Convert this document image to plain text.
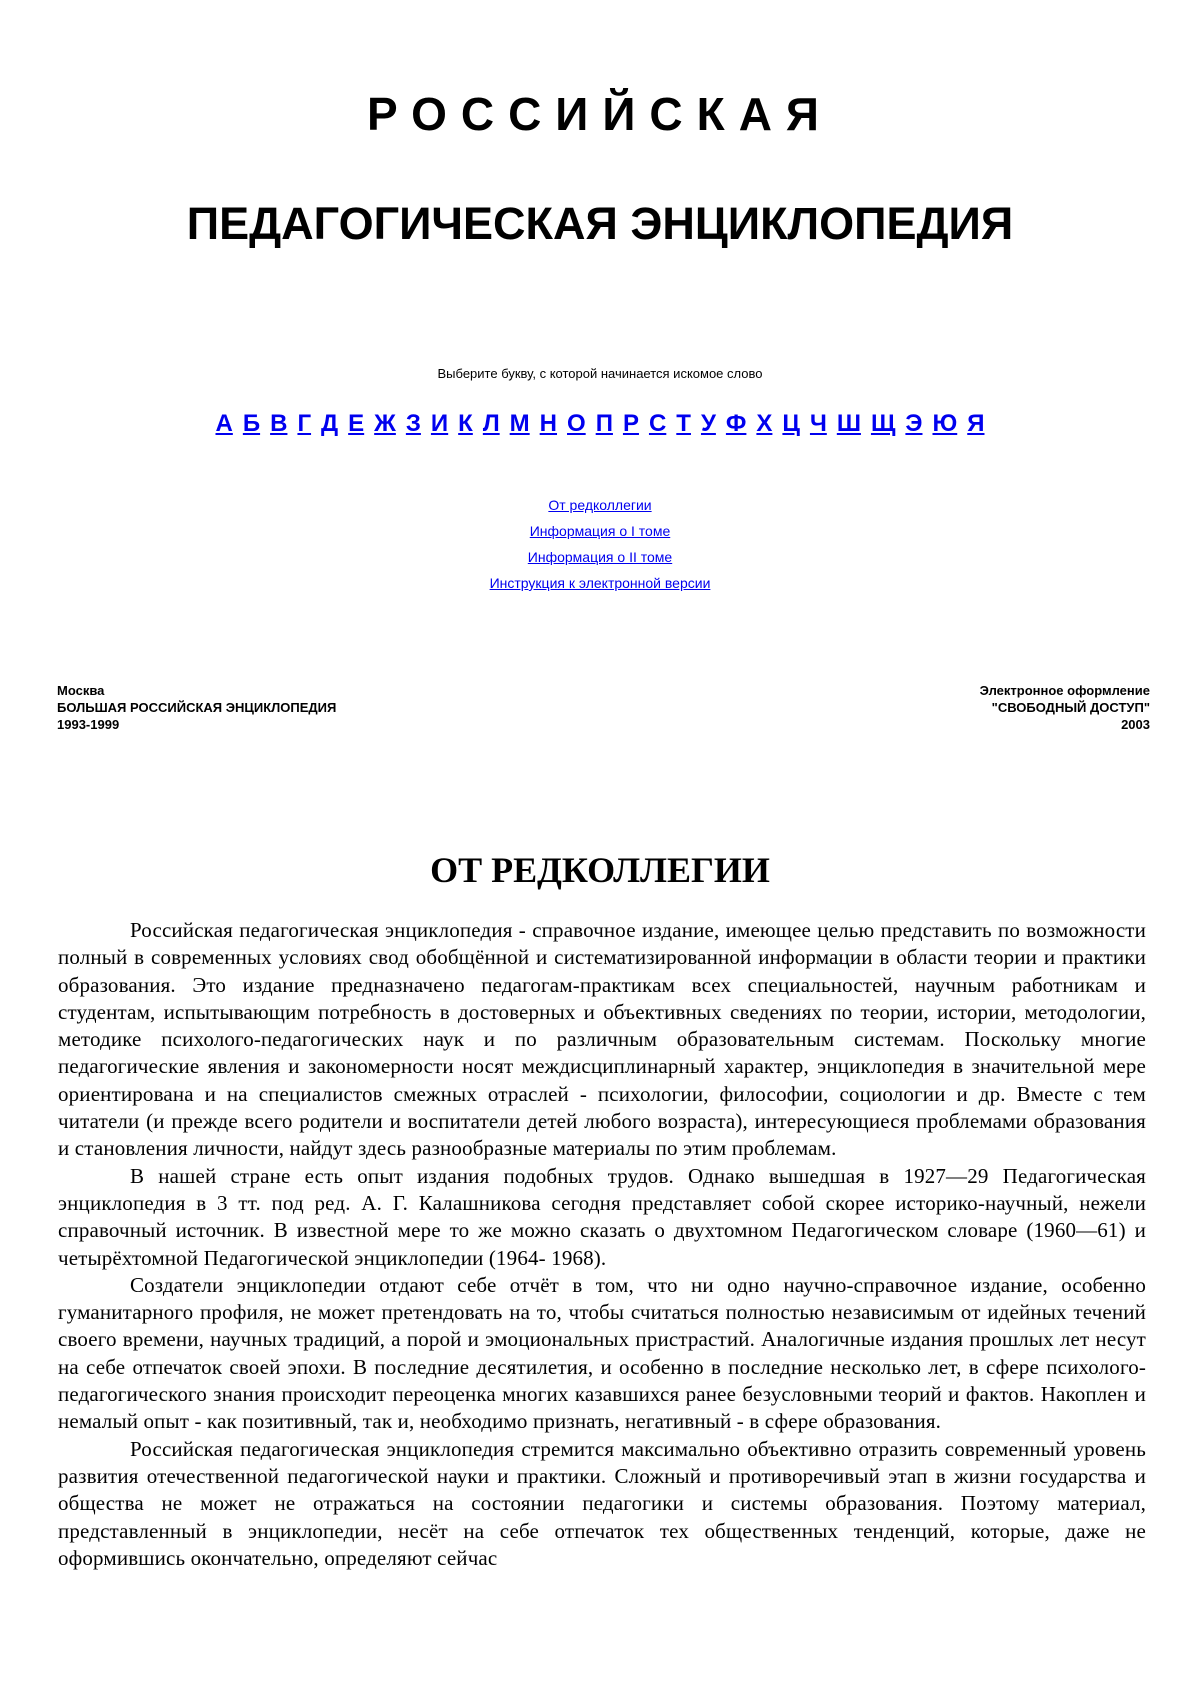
РОССИЙСКАЯ
ПЕДАГОГИЧЕСКАЯ ЭНЦИКЛОПЕДИЯ
Выберите букву, с которой начинается искомое слово
А Б В Г Д Е Ж З И К Л М Н О П Р С Т У Ф Х Ц Ч Ш Щ Э Ю Я
От редколлегии
Информация о I томе
Информация о II томе
Инструкция к электронной версии
Москва
БОЛЬШАЯ РОССИЙСКАЯ ЭНЦИКЛОПЕДИЯ
1993-1999
Электронное оформление
"СВОБОДНЫЙ ДОСТУП"
2003
ОТ РЕДКОЛЛЕГИИ

Российская педагогическая энциклопедия - справочное издание, имеющее целью представить по возможности полный в современных условиях свод обобщённой и систематизированной информации в области теории и практики образования. Это издание предназначено педагогам-практикам всех специальностей, научным работникам и студентам, испытывающим потребность в достоверных и объективных сведениях по теории, истории, методологии, методике психолого-педагогических наук и по различным образовательным системам. Поскольку многие педагогические явления и закономерности носят междисциплинарный характер, энциклопедия в значительной мере ориентирована и на специалистов смежных отраслей - психологии, философии, социологии и др. Вместе с тем читатели (и прежде всего родители и воспитатели детей любого возраста), интересующиеся проблемами образования и становления личности, найдут здесь разнообразные материалы по этим проблемам.

В нашей стране есть опыт издания подобных трудов. Однако вышедшая в 1927—29 Педагогическая энциклопедия в 3 тт. под ред. А. Г. Калашникова сегодня представляет собой скорее историко-научный, нежели справочный источник. В известной мере то же можно сказать о двухтомном Педагогическом словаре (1960—61) и четырёхтомной Педагогической энциклопедии (1964- 1968).

Создатели энциклопедии отдают себе отчёт в том, что ни одно научно-справочное издание, особенно гуманитарного профиля, не может претендовать на то, чтобы считаться полностью независимым от идейных течений своего времени, научных традиций, а порой и эмоциональных пристрастий. Аналогичные издания прошлых лет несут на себе отпечаток своей эпохи. В последние десятилетия, и особенно в последние несколько лет, в сфере психолого-педагогического знания происходит переоценка многих казавшихся ранее безусловными теорий и фактов. Накоплен и немалый опыт - как позитивный, так и, необходимо признать, негативный - в сфере образования.

Российская педагогическая энциклопедия стремится максимально объективно отразить современный уровень развития отечественной педагогической науки и практики. Сложный и противоречивый этап в жизни государства и общества не может не отражаться на состоянии педагогики и системы образования. Поэтому материал, представленный в энциклопедии, несёт на себе отпечаток тех общественных тенденций, которые, даже не оформившись окончательно, определяют сейчас
